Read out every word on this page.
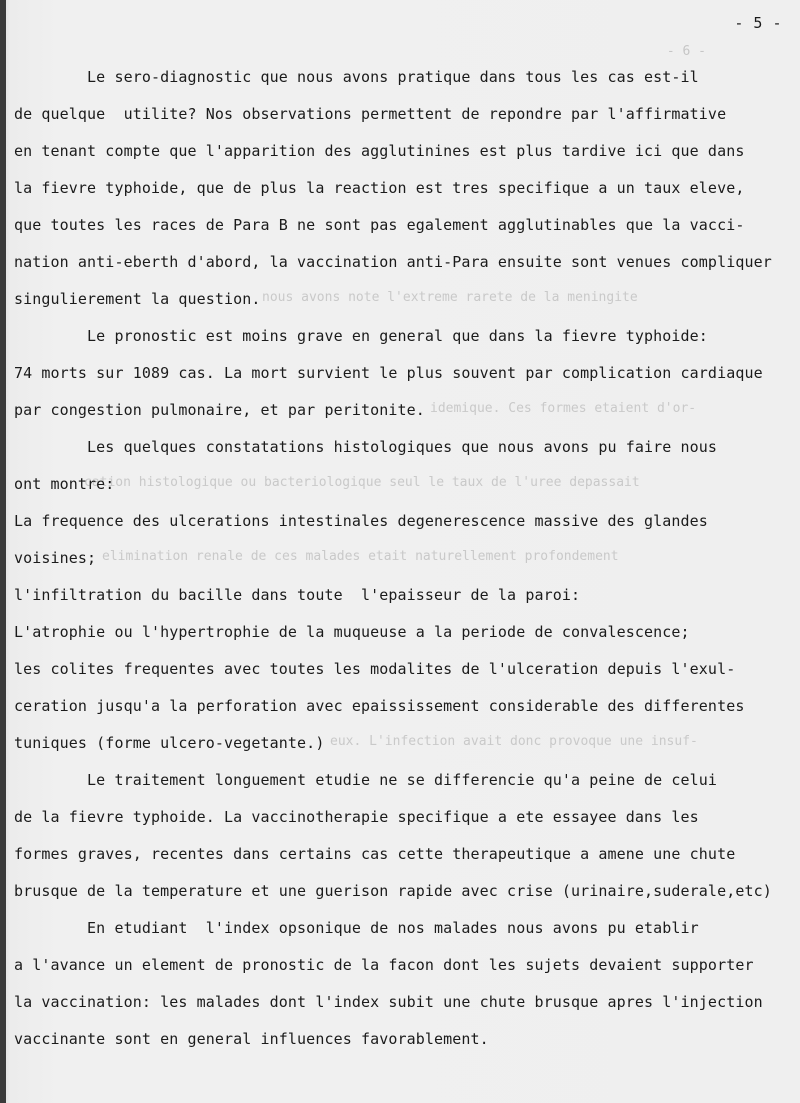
- 6 -
nous avons note l'extreme rarete de la meningite
idemique. Ces formes etaient d'or-
cation histologique ou bacteriologique seul le taux de l'uree depassait
elimination renale de ces malades etait naturellement profondement
eux. L'infection avait donc provoque une insuf-
- 5 -
Le sero-diagnostic que nous avons pratique dans tous les cas est-il
de quelque  utilite? Nos observations permettent de repondre par l'affirmative
en tenant compte que l'apparition des agglutinines est plus tardive ici que dans
la fievre typhoide, que de plus la reaction est tres specifique a un taux eleve,
que toutes les races de Para B ne sont pas egalement agglutinables que la vacci-
nation anti-eberth d'abord, la vaccination anti-Para ensuite sont venues compliquer
singulierement la question.
Le pronostic est moins grave en general que dans la fievre typhoide:
74 morts sur 1089 cas. La mort survient le plus souvent par complication cardiaque
par congestion pulmonaire, et par peritonite.
Les quelques constatations histologiques que nous avons pu faire nous
ont montre:
La frequence des ulcerations intestinales degenerescence massive des glandes
voisines;
l'infiltration du bacille dans toute  l'epaisseur de la paroi:
L'atrophie ou l'hypertrophie de la muqueuse a la periode de convalescence;
les colites frequentes avec toutes les modalites de l'ulceration depuis l'exul-
ceration jusqu'a la perforation avec epaississement considerable des differentes
tuniques (forme ulcero-vegetante.)
Le traitement longuement etudie ne se differencie qu'a peine de celui
de la fievre typhoide. La vaccinotherapie specifique a ete essayee dans les
formes graves, recentes dans certains cas cette therapeutique a amene une chute
brusque de la temperature et une guerison rapide avec crise (urinaire,suderale,etc)
En etudiant  l'index opsonique de nos malades nous avons pu etablir
a l'avance un element de pronostic de la facon dont les sujets devaient supporter
la vaccination: les malades dont l'index subit une chute brusque apres l'injection
vaccinante sont en general influences favorablement.
